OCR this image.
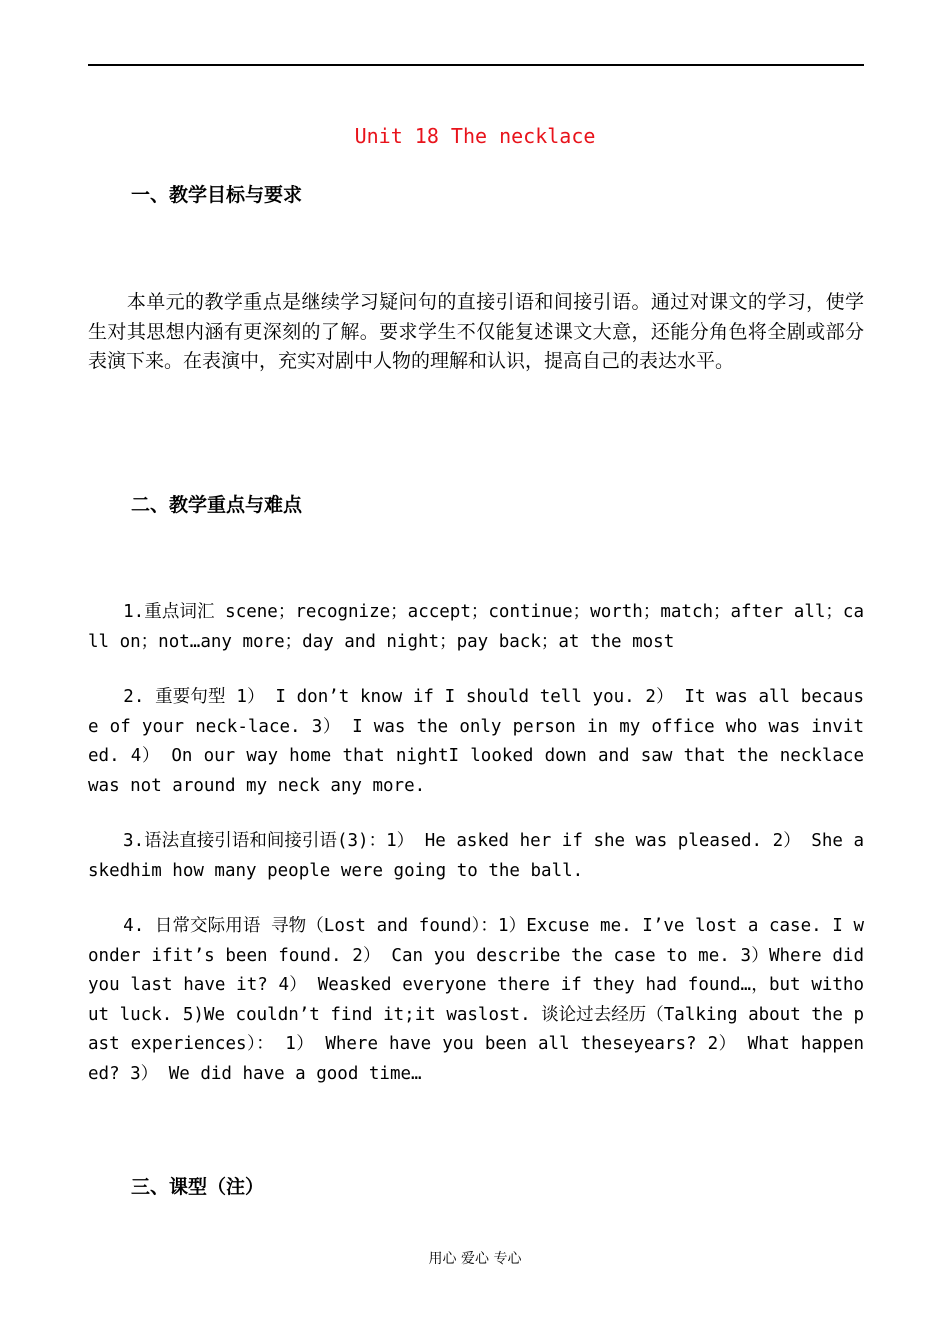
Unit 18 The necklace
一、教学目标与要求
　　本单元的教学重点是继续学习疑问句的直接引语和间接引语。通过对课文的学习，使学生对其思想内涵有更深刻的了解。要求学生不仅能复述课文大意，还能分角色将全剧或部分表演下来。在表演中，充实对剧中人物的理解和认识，提高自己的表达水平。
二、教学重点与难点
　　1.重点词汇 scene；recognize；accept；continue；worth；match；after all；call on；not…any more；day and night；pay back；at the most
　　2. 重要句型 1） I don’t know if I should tell you. 2） It was all because of your neck-lace. 3） I was the only person in my office who was invited. 4） On our way home that nightI looked down and saw that the necklace was not around my neck any more.
　　3.语法直接引语和间接引语(3)：1） He asked her if she was pleased. 2） She askedhim how many people were going to the ball.
　　4. 日常交际用语 寻物（Lost and found）：1）Excuse me. I’ve lost a case. I wonder ifit’s been found. 2） Can you describe the case to me. 3）Where did you last have it? 4） Weasked everyone there if they had found…，but without luck. 5)We couldn’t find it;it waslost. 谈论过去经历（Talking about the past experiences）： 1） Where have you been all theseyears? 2） What happened? 3） We did have a good time…
三、课型（注）
用心 爱心 专心
